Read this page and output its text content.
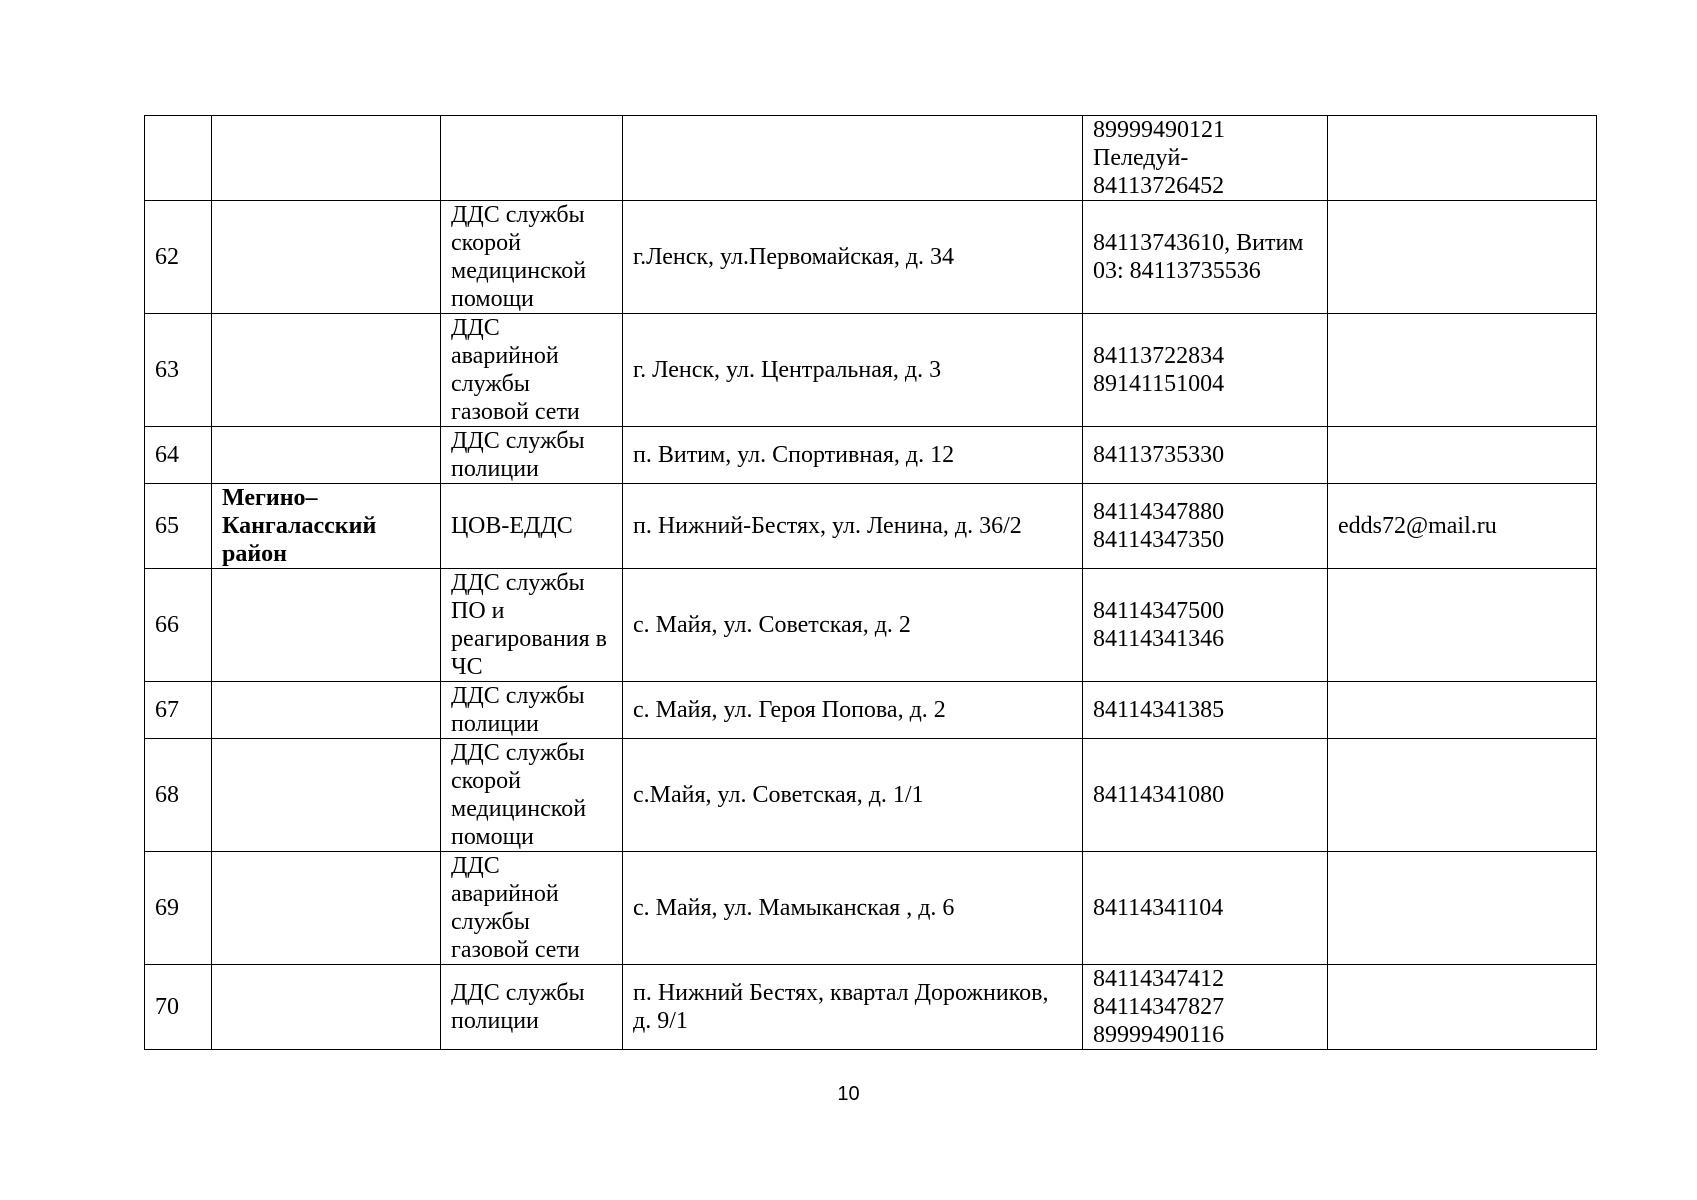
				89999490121
Пеледуй-
84113726452	
62		ДДС службы
скорой
медицинской
помощи	г.Ленск, ул.Первомайская, д. 34	84113743610, Витим
03: 84113735536	
63		ДДС
аварийной
службы
газовой сети	г. Ленск, ул. Центральная, д. 3	84113722834
89141151004	
64		ДДС службы
полиции	п. Витим, ул. Спортивная, д. 12	84113735330	
65	Мегино–
Кангаласский
район	ЦОВ-ЕДДС	п. Нижний-Бестях, ул. Ленина, д. 36/2	84114347880
84114347350	edds72@mail.ru
66		ДДС службы
ПО и
реагирования в
ЧС	с. Майя, ул. Советская, д. 2	84114347500
84114341346	
67		ДДС службы
полиции	с. Майя, ул. Героя Попова, д. 2	84114341385	
68		ДДС службы
скорой
медицинской
помощи	с.Майя, ул. Советская, д. 1/1	84114341080	
69		ДДС
аварийной
службы
газовой сети	с. Майя, ул. Мамыканская , д. 6	84114341104	
70		ДДС службы
полиции	п. Нижний Бестях, квартал Дорожников,
д. 9/1	84114347412
84114347827
89999490116	
10
